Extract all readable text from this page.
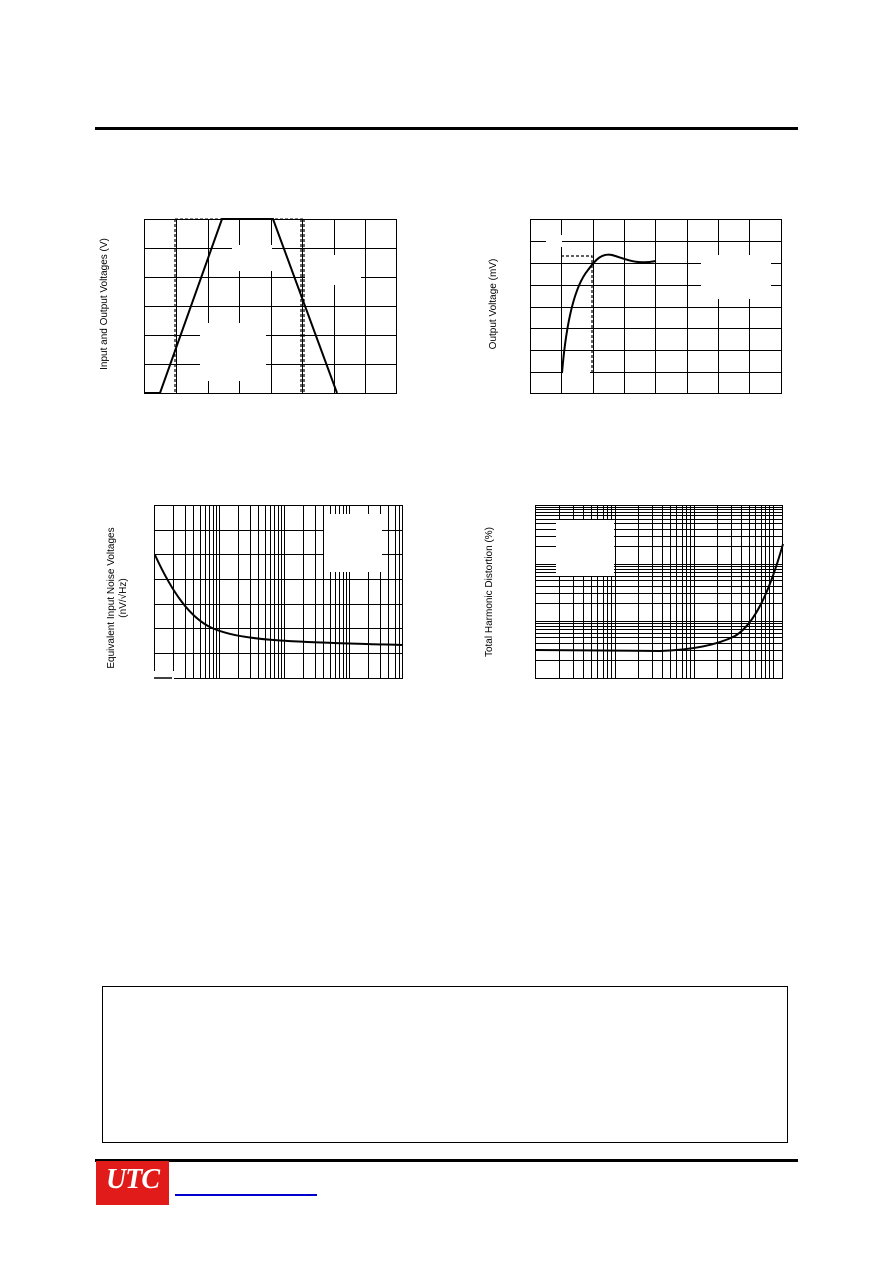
Input and Output Voltages (V)	Output Voltage (mV)
Equivalent Input Noise Voltages (nV/√Hz)	Total Harmonic Distortion (%)
UTC
